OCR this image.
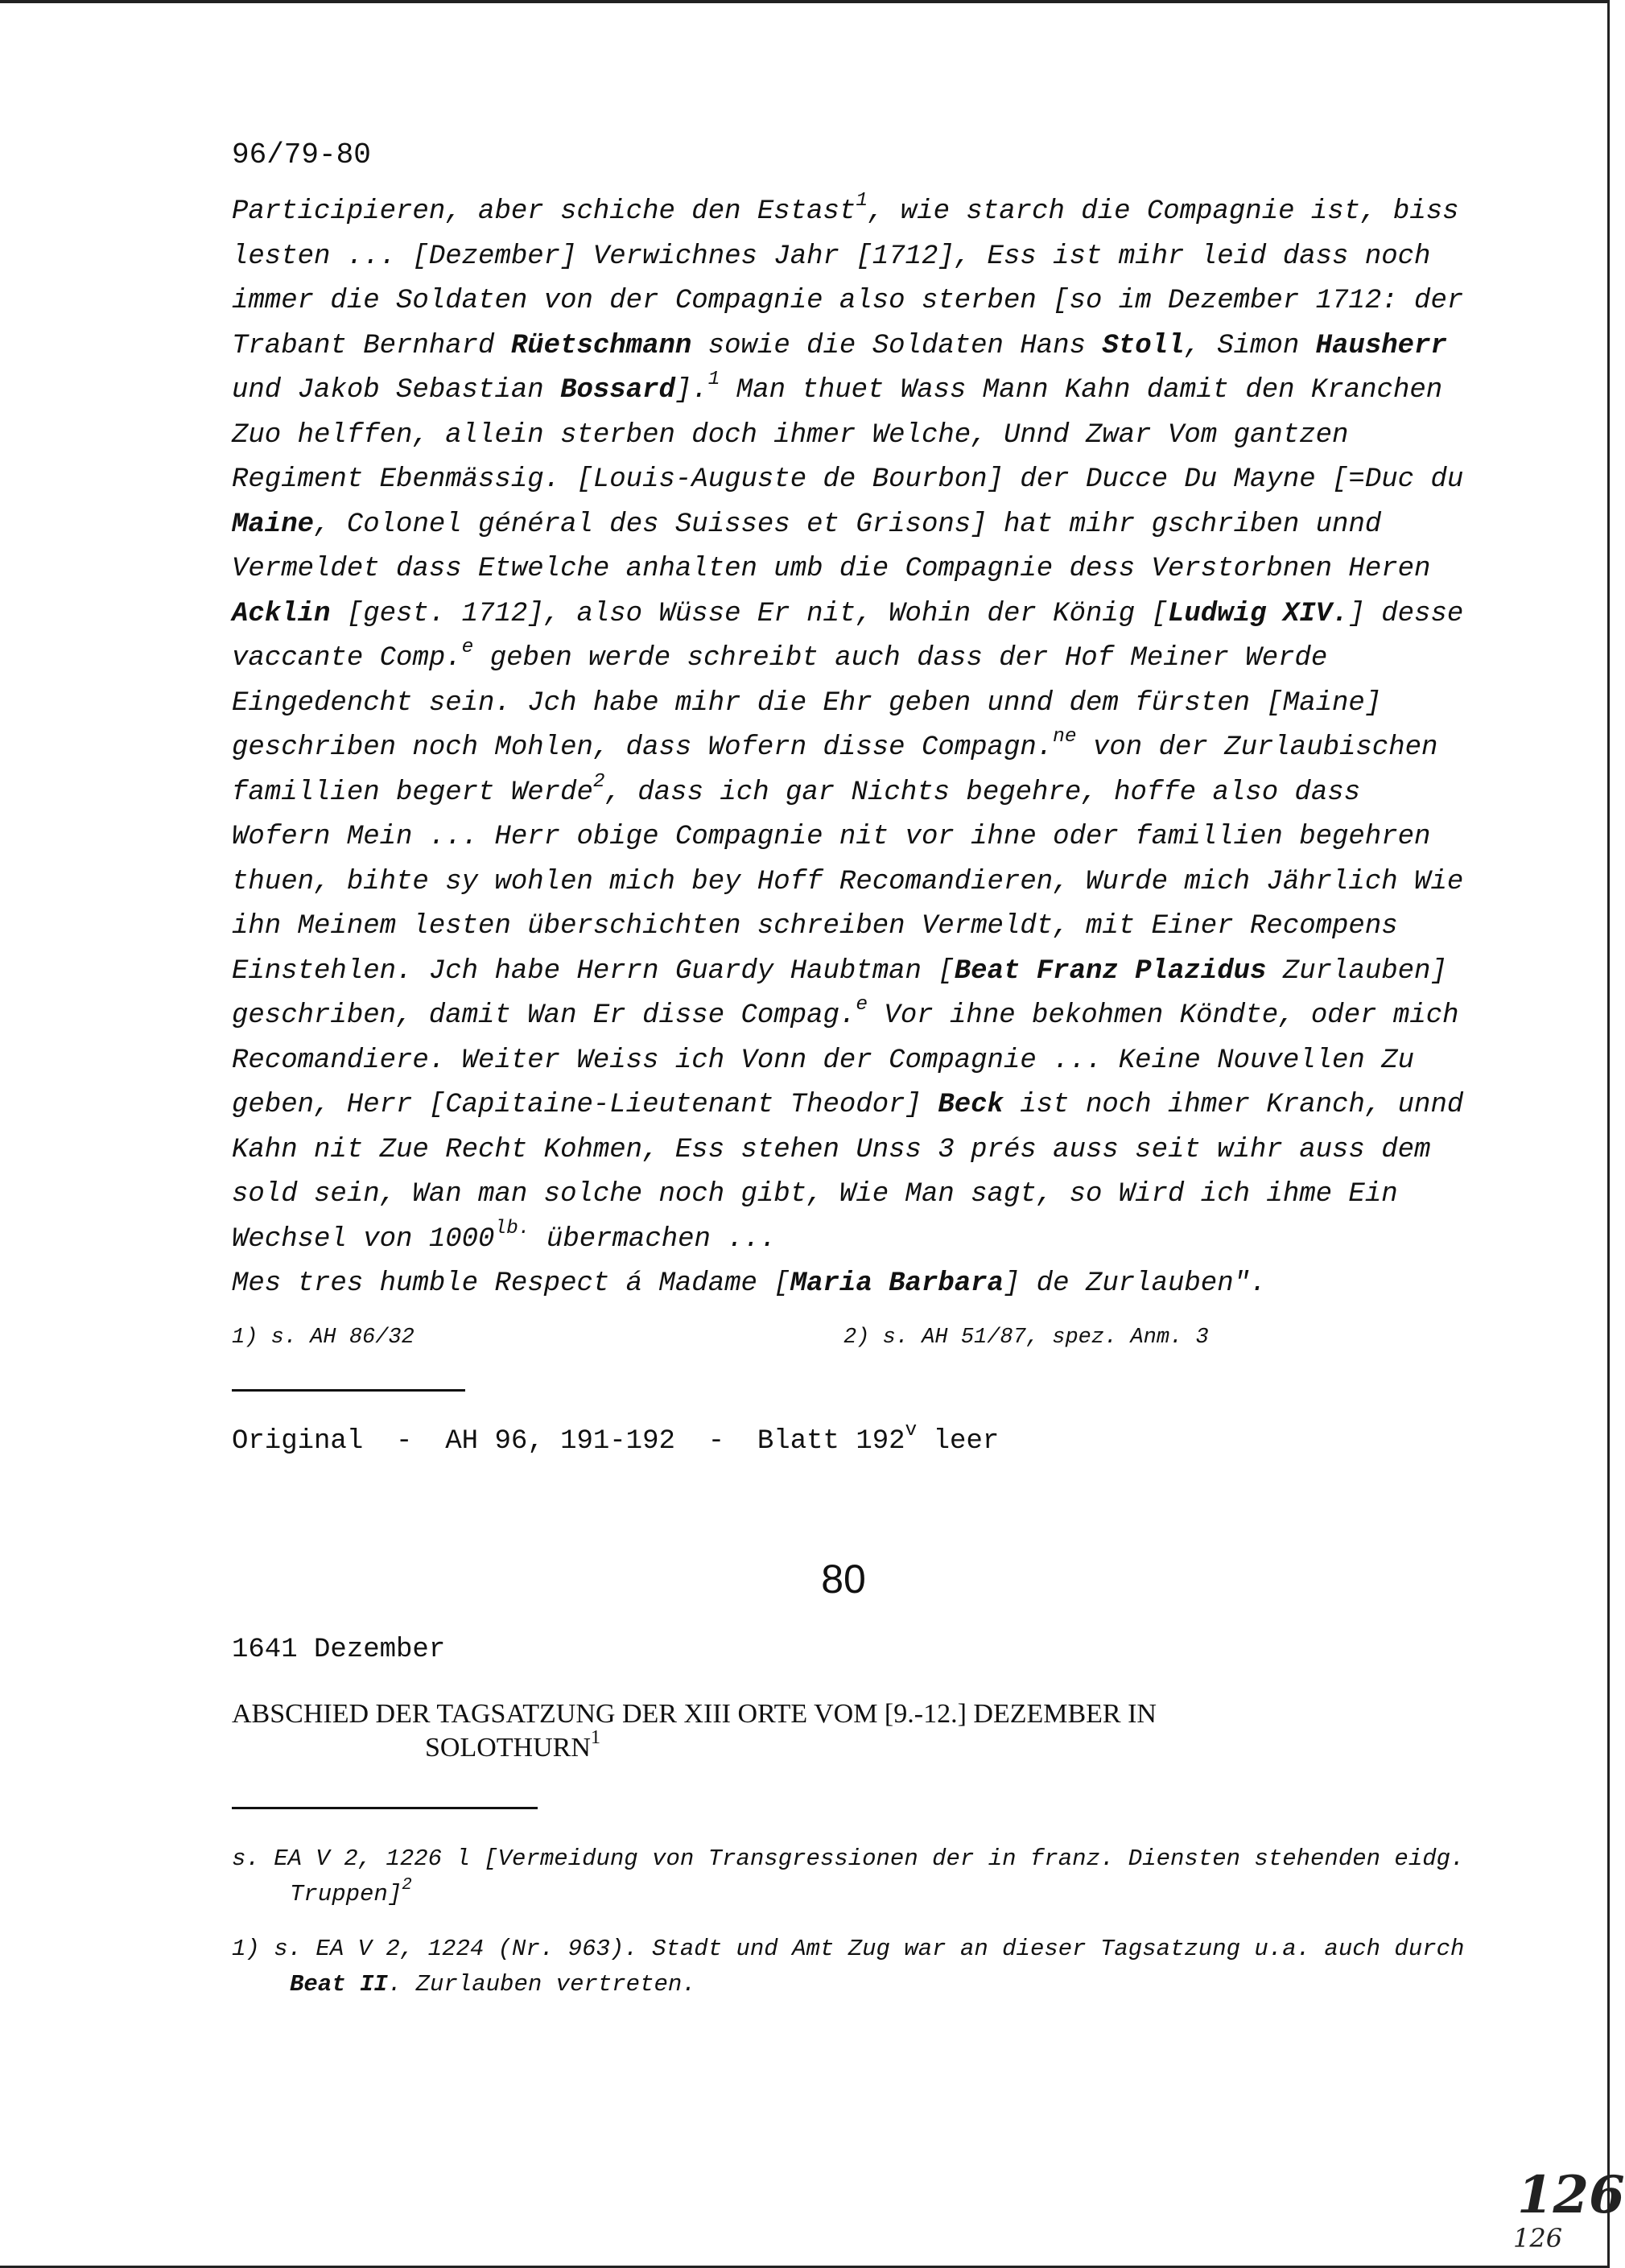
96/79-80

Participieren, aber schiche den Estast$^1$, wie starch die Compagnie ist, biss lesten ... [Dezember] Verwichnes Jahr [1712], Ess ist mihr leid dass noch immer die Soldaten von der Compagnie also sterben [so im Dezember 1712: der Trabant Bernhard Rüetschmann sowie die Soldaten Hans Stoll, Simon Hausherr und Jakob Sebastian Bossard].$^1$ Man thuet Wass Mann Kahn damit den Kranchen Zuo helffen, allein sterben doch ihmer Welche, Unnd Zwar Vom gantzen Regiment Ebenmässig. [Louis-Auguste de Bourbon] der Ducce Du Mayne [=Duc du Maine, Colonel général des Suisses et Grisons] hat mihr gschriben unnd Vermeldet dass Etwelche anhalten umb die Compagnie dess Verstorbnen Heren Acklin [gest. 1712], also Wüsse Er nit, Wohin der König [Ludwig XIV.] desse vaccante Comp.$^e$ geben werde schreibt auch dass der Hof Meiner Werde Eingedencht sein. Jch habe mihr die Ehr geben unnd dem fürsten [Maine] geschriben noch Mohlen, dass Wofern disse Compagn.$^{ne}$ von der Zurlaubischen famillien begert Werde$^2$, dass ich gar Nichts begehre, hoffe also dass Wofern Mein ... Herr obige Compagnie nit vor ihne oder famillien begehren thuen, bihte sy wohlen mich bey Hoff Recomandieren, Wurde mich Jährlich Wie ihn Meinem lesten überschichten schreiben Vermeldt, mit Einer Recompens Einstehlen. Jch habe Herrn Guardy Haubtman [Beat Franz Plazidus Zurlauben] geschriben, damit Wan Er disse Compag.$^e$ Vor ihne bekohmen Köndte, oder mich Recomandiere. Weiter Weiss ich Vonn der Compagnie ... Keine Nouvellen Zu geben, Herr [Capitaine-Lieutenant Theodor] Beck ist noch ihmer Kranch, unnd Kahn nit Zue Recht Kohmen, Ess stehen Unss 3 prés auss seit wihr auss dem sold sein, Wan man solche noch gibt, Wie Man sagt, so Wird ich ihme Ein Wechsel von $1000^{lb.}$ übermachen ...
Mes tres humble Respect á Madame [Maria Barbara] de Zurlauben".

1) s. AH 86/32	2) s. AH 51/87, spez. Anm. 3
Original  -  AH 96, 191-192  -  Blatt 192$^v$ leer
80
1641 Dezember
ABSCHIED DER TAGSATZUNG DER XIII ORTE VOM [9.-12.] DEZEMBER IN
SOLOTHURN$^1$
s. EA V 2, 1226 l [Vermeidung von Transgressionen der in franz. Diensten stehenden eidg. Truppen]$^2$
1) s. EA V 2, 1224 (Nr. 963). Stadt und Amt Zug war an dieser Tagsatzung u.a. auch durch Beat II. Zurlauben vertreten.
126
126
